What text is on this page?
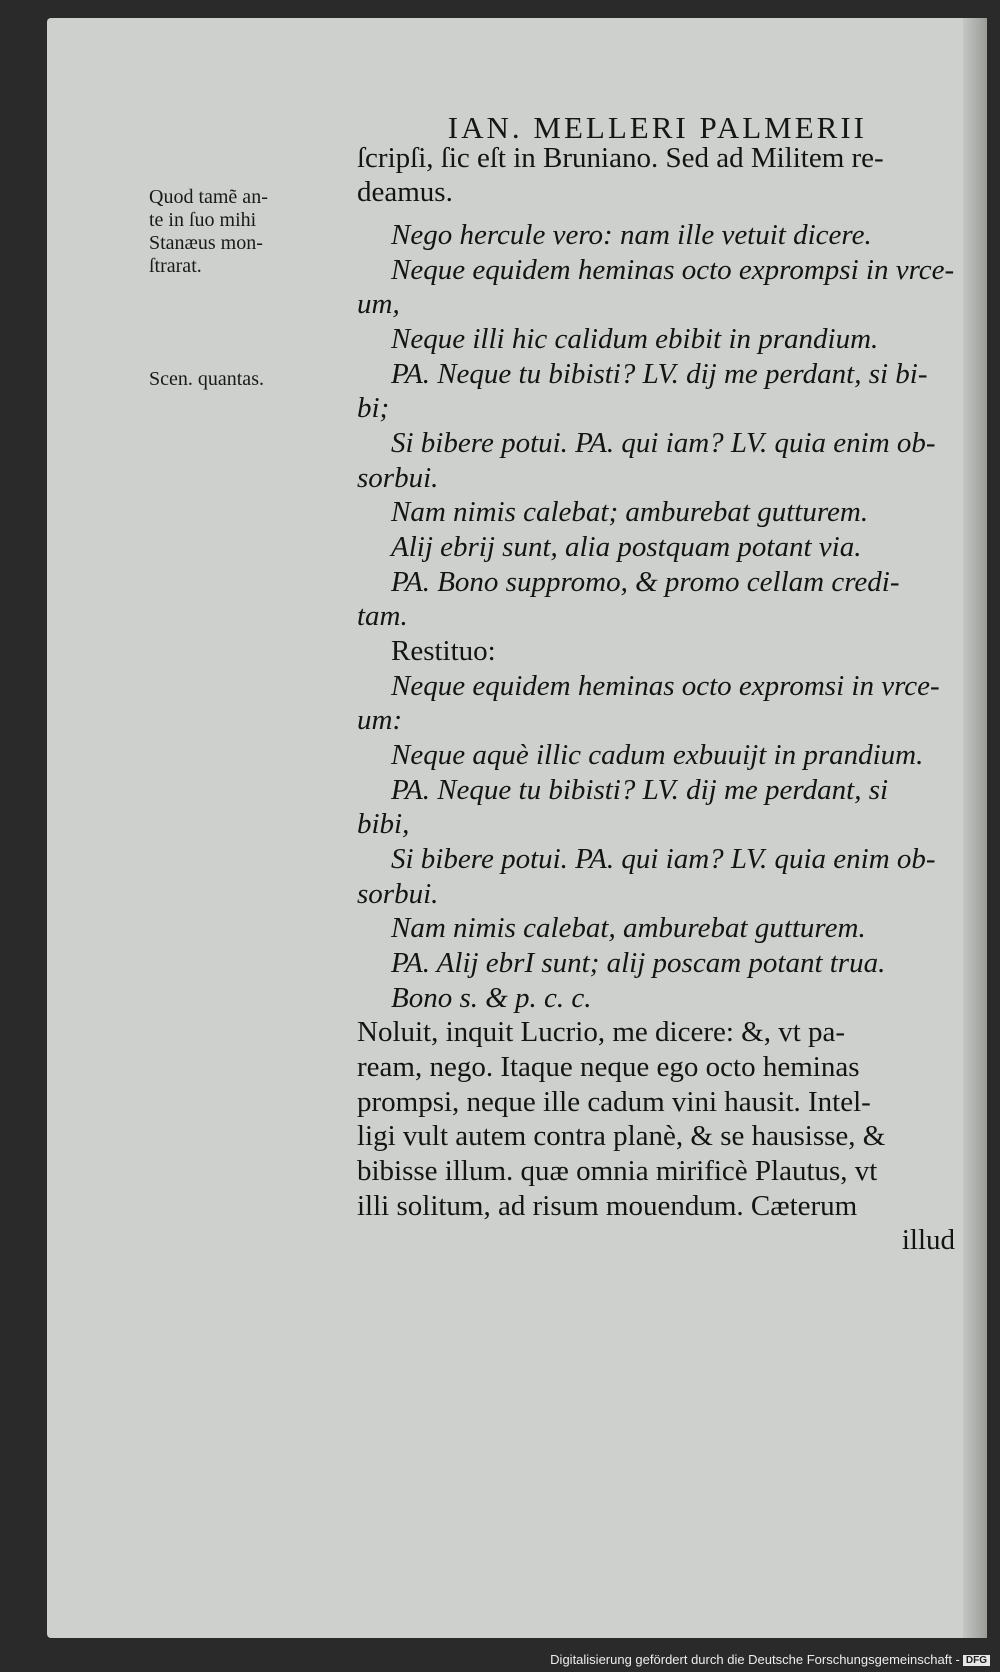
IAN. MELLERI PALMERII
Quod tamẽ an-
te in ſuo mihi
Stanæus mon-
ſtrarat.
Scen. quantas.
ſcripſi, ſic eſt in Bruniano. Sed ad Militem re-
deamus.
Nego hercule vero: nam ille vetuit dicere.
Neque equidem heminas octo exprompsi in vrce-
um,
Neque illi hic calidum ebibit in prandium.
PA. Neque tu bibisti? LV. dij me perdant, si bi-
bi;
Si bibere potui. PA. qui iam? LV. quia enim ob-
sorbui.
Nam nimis calebat; amburebat gutturem.
Alij ebrij sunt, alia postquam potant via.
PA. Bono suppromo, & promo cellam credi-
tam.
Restituo:
Neque equidem heminas octo expromsi in vrce-
um:
Neque aquè illic cadum exbuuijt in prandium.
PA. Neque tu bibisti? LV. dij me perdant, si
bibi,
Si bibere potui. PA. qui iam? LV. quia enim ob-
sorbui.
Nam nimis calebat, amburebat gutturem.
PA. Alij ebrI sunt; alij poscam potant trua.
Bono s. & p. c. c.
Noluit, inquit Lucrio, me dicere: &, vt pa-
ream, nego. Itaque neque ego octo heminas
prompsi, neque ille cadum vini hausit. Intel-
ligi vult autem contra planè, & se hausisse, &
bibisse illum. quæ omnia mirificè Plautus, vt
illi solitum, ad risum mouendum. Cæterum
illud
Digitalisierung gefördert durch die Deutsche Forschungsgemeinschaft - DFG
